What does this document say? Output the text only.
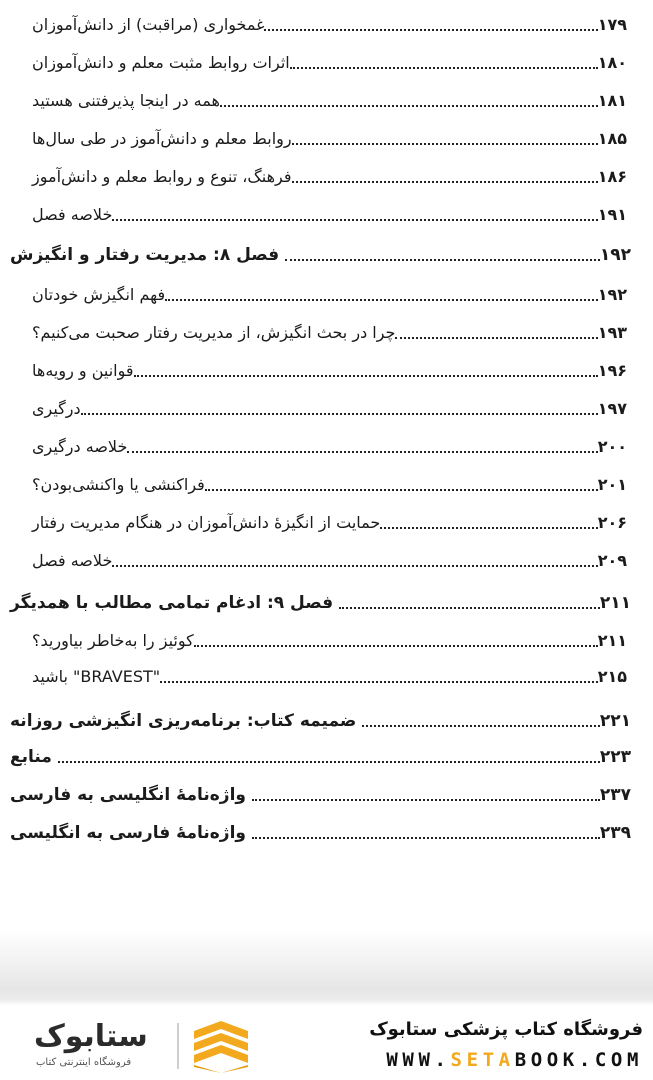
غمخواری (مراقبت) از دانش‌آموزان	۱۷۹
اثرات روابط مثبت معلم و دانش‌آموزان	۱۸۰
همه در اینجا پذیرفتنی هستید	۱۸۱
روابط معلم و دانش‌آموز در طی سال‌ها	۱۸۵
فرهنگ، تنوع و روابط معلم و دانش‌آموز	۱۸۶
خلاصه فصل	۱۹۱
فصل ۸: مدیریت رفتار و انگیزش	۱۹۲
فهم انگیزش خودتان	۱۹۲
چرا در بحث انگیزش، از مدیریت رفتار صحبت می‌کنیم؟	۱۹۳
قوانین و رویه‌ها	۱۹۶
درگیری	۱۹۷
خلاصه درگیری	۲۰۰
فراکنشی یا واکنشی‌بودن؟	۲۰۱
حمایت از انگیزهٔ دانش‌آموزان در هنگام مدیریت رفتار	۲۰۶
خلاصه فصل	۲۰۹
فصل ۹: ادغام تمامی مطالب با همدیگر	۲۱۱
کوئیز را به‌خاطر بیاورید؟	۲۱۱
"BRAVEST" باشید	۲۱۵
ضمیمه کتاب: برنامه‌ریزی انگیزشی روزانه	۲۲۱
منابع	۲۲۳
واژه‌نامهٔ انگلیسی به فارسی	۲۳۷
واژه‌نامهٔ فارسی به انگلیسی	۲۳۹
ستابوک
فروشگاه اینترنتی کتاب
فروشگاه کتاب پزشکی ستابوک
WWW.SETABOOK.COM
